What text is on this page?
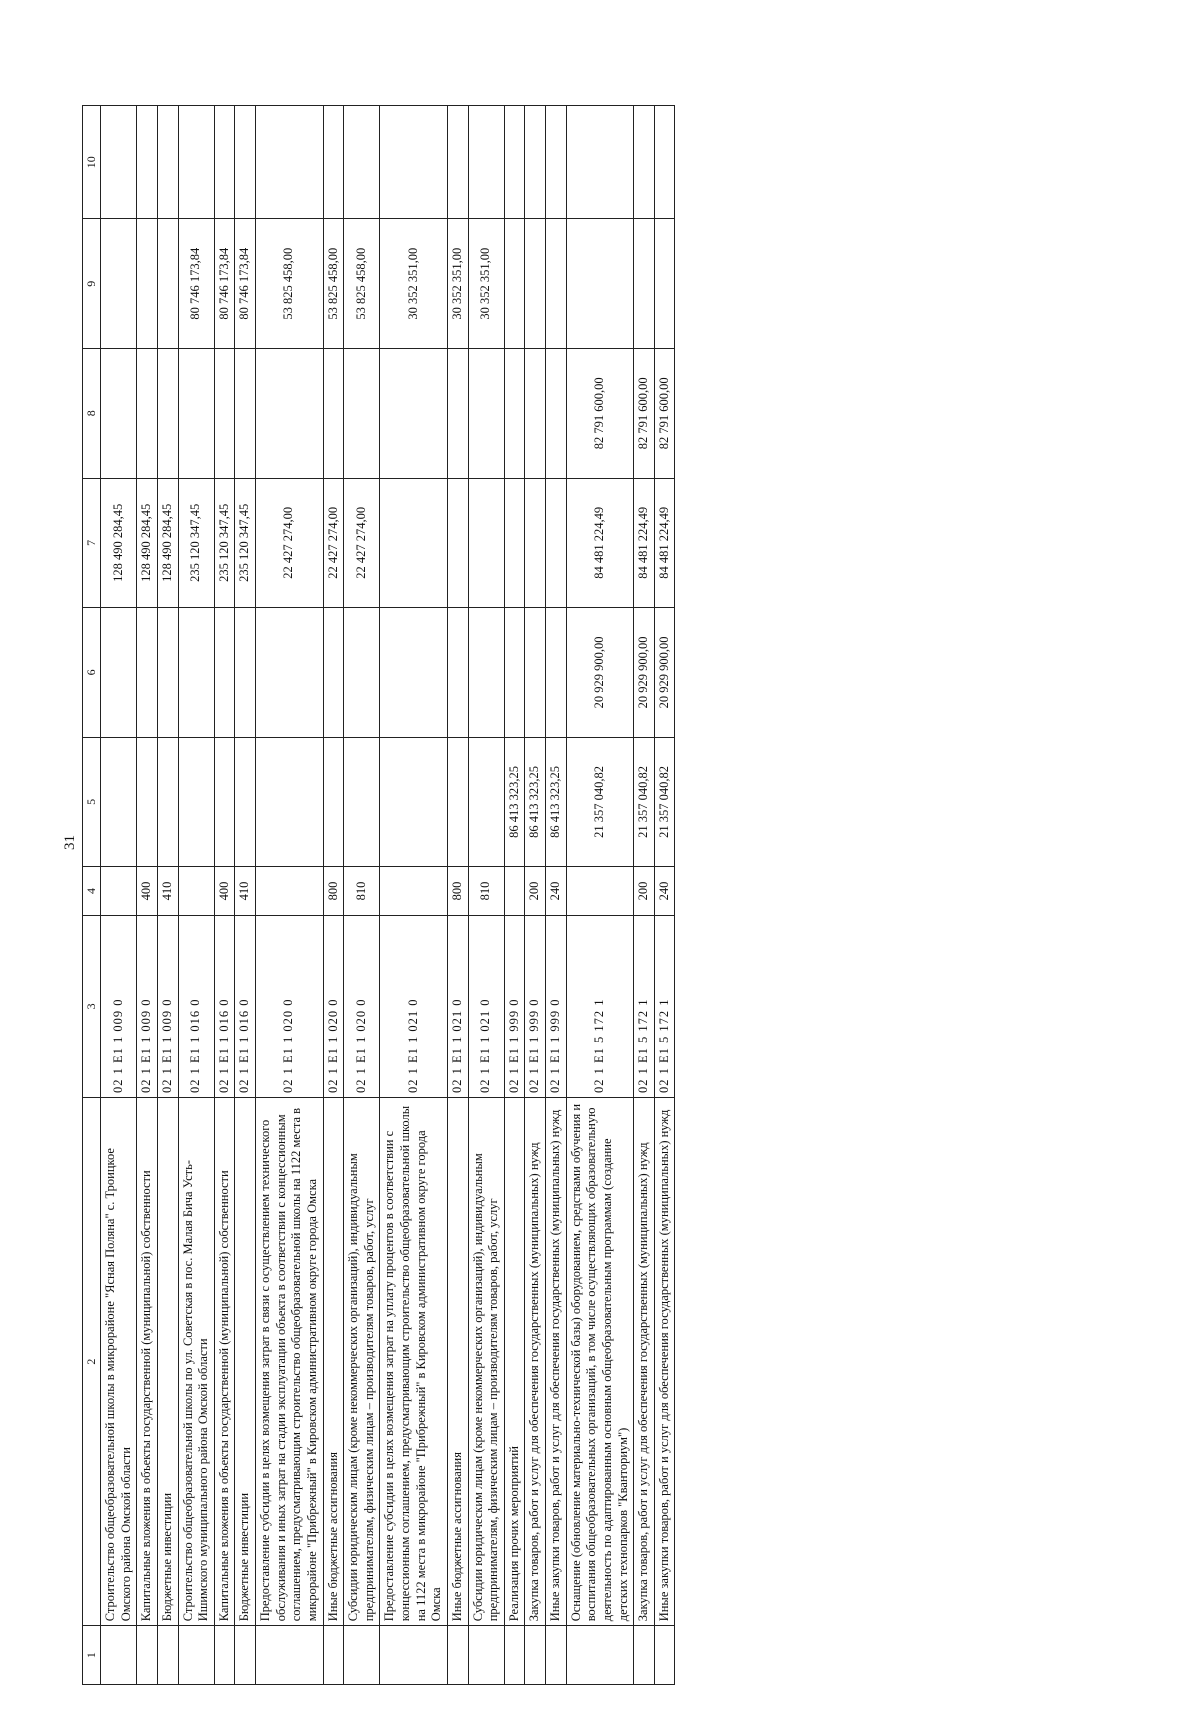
31
1	2	3	4	5	6	7	8	9	10
	Строительство общеобразовательной школы в микрорайоне "Ясная Поляна" с. Троицкое Омского района Омской области	02 1 E1 1 009 0				128 490 284,45			
	Капитальные вложения в объекты государственной (муниципальной) собственности	02 1 E1 1 009 0	400			128 490 284,45			
	Бюджетные инвестиции	02 1 E1 1 009 0	410			128 490 284,45			
	Строительство общеобразовательной школы по ул. Советская в пос. Малая Бича Усть-Ишимского муниципального района Омской области	02 1 E1 1 016 0				235 120 347,45		80 746 173,84	
	Капитальные вложения в объекты государственной (муниципальной) собственности	02 1 E1 1 016 0	400			235 120 347,45		80 746 173,84	
	Бюджетные инвестиции	02 1 E1 1 016 0	410			235 120 347,45		80 746 173,84	
	Предоставление субсидии в целях возмещения затрат в связи с осуществлением технического обслуживания и иных затрат на стадии эксплуатации объекта в соответствии с концессионным соглашением, предусматривающим строительство общеобразовательной школы на 1122 места в микрорайоне "Прибрежный" в Кировском административном округе города Омска	02 1 E1 1 020 0				22 427 274,00		53 825 458,00	
	Иные бюджетные ассигнования	02 1 E1 1 020 0	800			22 427 274,00		53 825 458,00	
	Субсидии юридическим лицам (кроме некоммерческих организаций), индивидуальным предпринимателям, физическим лицам – производителям товаров, работ, услуг	02 1 E1 1 020 0	810			22 427 274,00		53 825 458,00	
	Предоставление субсидии в целях возмещения затрат на уплату процентов в соответствии с концессионным соглашением, предусматривающим строительство общеобразовательной школы на 1122 места в микрорайоне "Прибрежный" в Кировском административном округе города Омска	02 1 E1 1 021 0						30 352 351,00	
	Иные бюджетные ассигнования	02 1 E1 1 021 0	800					30 352 351,00	
	Субсидии юридическим лицам (кроме некоммерческих организаций), индивидуальным предпринимателям, физическим лицам – производителям товаров, работ, услуг	02 1 E1 1 021 0	810					30 352 351,00	
	Реализация прочих мероприятий	02 1 E1 1 999 0		86 413 323,25					
	Закупка товаров, работ и услуг для обеспечения государственных (муниципальных) нужд	02 1 E1 1 999 0	200	86 413 323,25					
	Иные закупки товаров, работ и услуг для обеспечения государственных (муниципальных) нужд	02 1 E1 1 999 0	240	86 413 323,25					
	Оснащение (обновление материально-технической базы) оборудованием, средствами обучения и воспитания общеобразовательных организаций, в том числе осуществляющих образовательную деятельность по адаптированным основным общеобразовательным программам (создание детских технопарков "Кванториум")	02 1 E1 5 172 1		21 357 040,82	20 929 900,00	84 481 224,49	82 791 600,00		
	Закупка товаров, работ и услуг для обеспечения государственных (муниципальных) нужд	02 1 E1 5 172 1	200	21 357 040,82	20 929 900,00	84 481 224,49	82 791 600,00		
	Иные закупки товаров, работ и услуг для обеспечения государственных (муниципальных) нужд	02 1 E1 5 172 1	240	21 357 040,82	20 929 900,00	84 481 224,49	82 791 600,00		
